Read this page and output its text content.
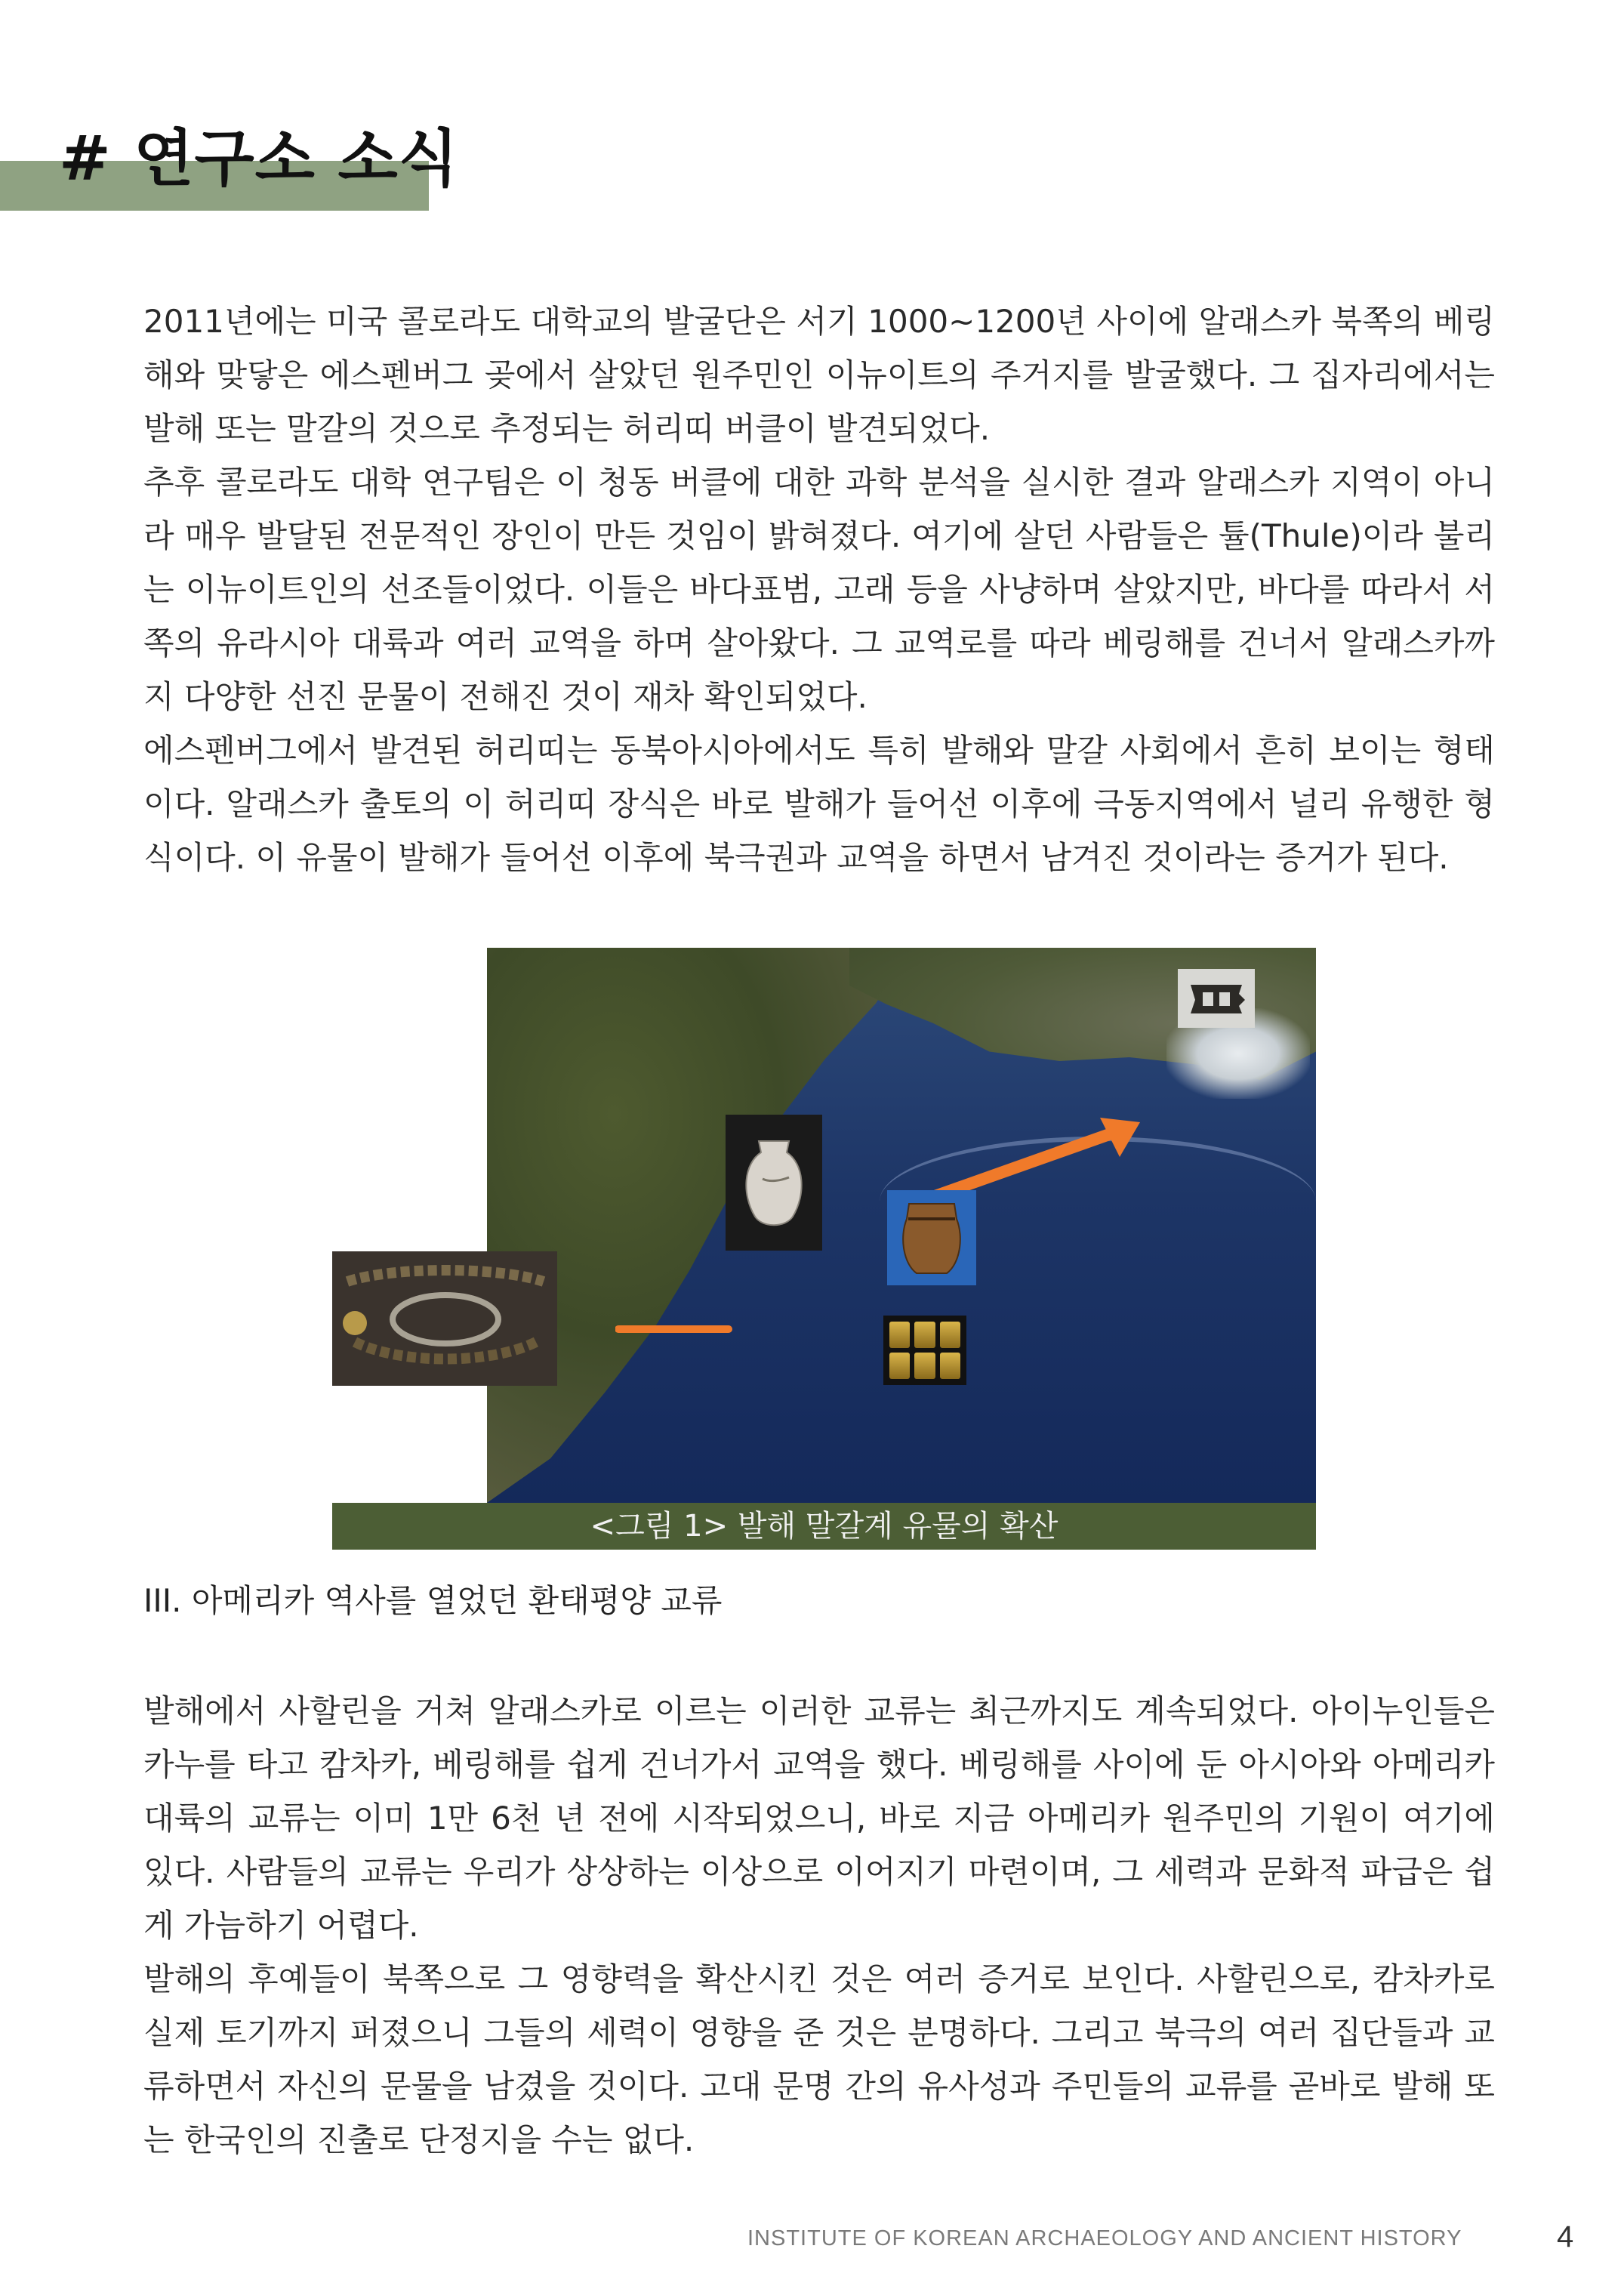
# 연구소 소식

2011년에는 미국 콜로라도 대학교의 발굴단은 서기 1000~1200년 사이에 알래스카 북쪽의 베링해와 맞닿은 에스펜버그 곶에서 살았던 원주민인 이뉴이트의 주거지를 발굴했다. 그 집자리에서는 발해 또는 말갈의 것으로 추정되는 허리띠 버클이 발견되었다.

추후 콜로라도 대학 연구팀은 이 청동 버클에 대한 과학 분석을 실시한 결과 알래스카 지역이 아니라 매우 발달된 전문적인 장인이 만든 것임이 밝혀졌다. 여기에 살던 사람들은 튤(Thule)이라 불리는 이뉴이트인의 선조들이었다. 이들은 바다표범, 고래 등을 사냥하며 살았지만, 바다를 따라서 서쪽의 유라시아 대륙과 여러 교역을 하며 살아왔다. 그 교역로를 따라 베링해를 건너서 알래스카까지 다양한 선진 문물이 전해진 것이 재차 확인되었다.

에스펜버그에서 발견된 허리띠는 동북아시아에서도 특히 발해와 말갈 사회에서 흔히 보이는 형태이다. 알래스카 출토의 이 허리띠 장식은 바로 발해가 들어선 이후에 극동지역에서 널리 유행한 형식이다. 이 유물이 발해가 들어선 이후에 북극권과 교역을 하면서 남겨진 것이라는 증거가 된다.

<그림 1> 발해 말갈계 유물의 확산
III. 아메리카 역사를 열었던 환태평양 교류

발해에서 사할린을 거쳐 알래스카로 이르는 이러한 교류는 최근까지도 계속되었다. 아이누인들은 카누를 타고 캄차카, 베링해를 쉽게 건너가서 교역을 했다. 베링해를 사이에 둔 아시아와 아메리카 대륙의 교류는 이미 1만 6천 년 전에 시작되었으니, 바로 지금 아메리카 원주민의 기원이 여기에 있다. 사람들의 교류는 우리가 상상하는 이상으로 이어지기 마련이며, 그 세력과 문화적 파급은 쉽게 가늠하기 어렵다.

발해의 후예들이 북쪽으로 그 영향력을 확산시킨 것은 여러 증거로 보인다. 사할린으로, 캄차카로 실제 토기까지 퍼졌으니 그들의 세력이 영향을 준 것은 분명하다. 그리고 북극의 여러 집단들과 교류하면서 자신의 문물을 남겼을 것이다. 고대 문명 간의 유사성과 주민들의 교류를 곧바로 발해 또는 한국인의 진출로 단정지을 수는 없다.

INSTITUTE OF KOREAN ARCHAEOLOGY AND ANCIENT HISTORY	4
